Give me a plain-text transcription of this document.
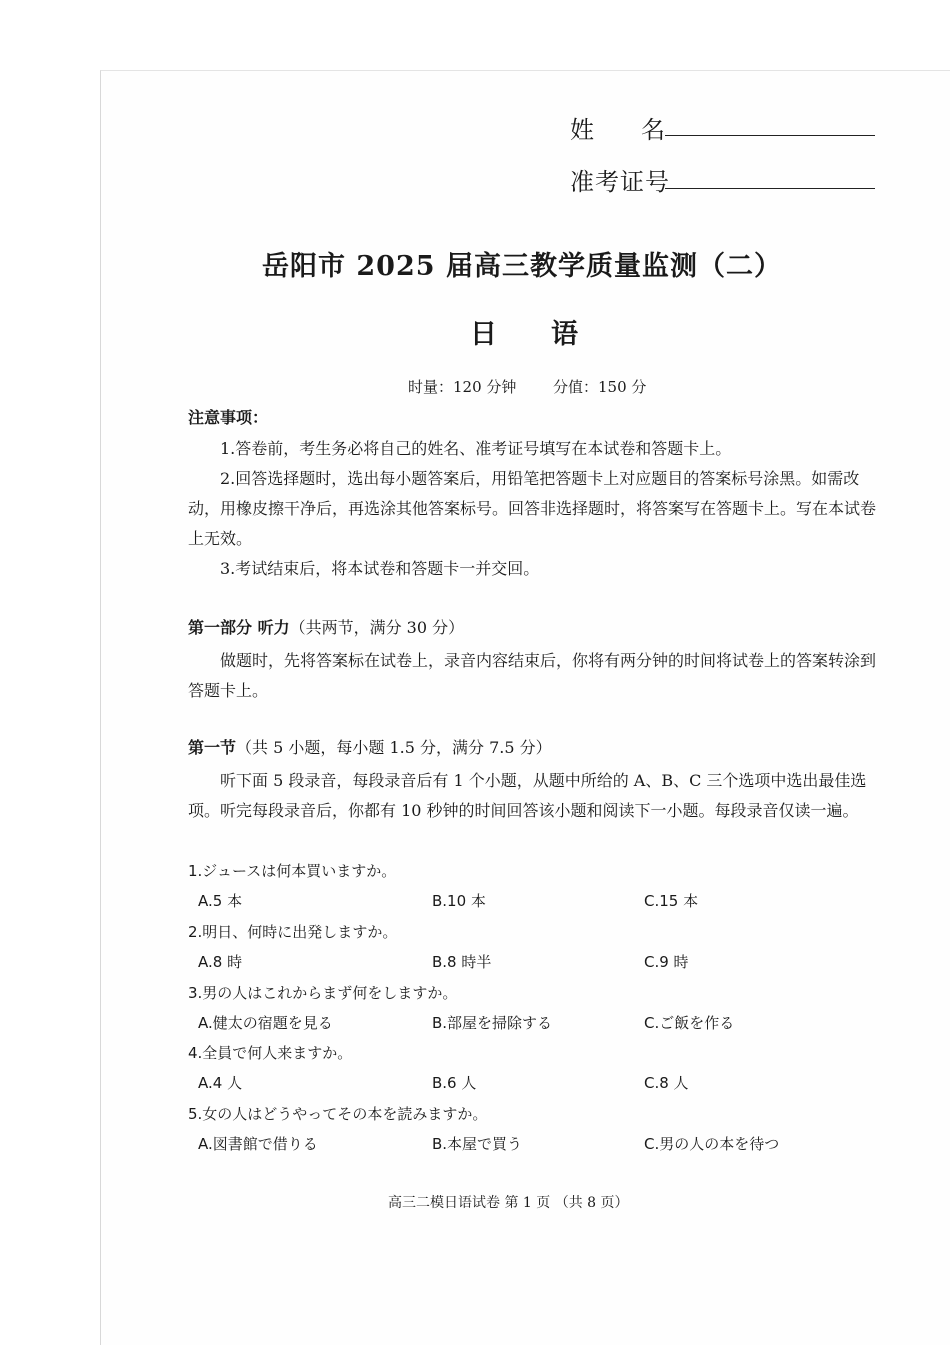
姓 名
准考证号
岳阳市 2025 届高三教学质量监测（二）
日　　语
时量：120 分钟 分值：150 分
注意事项：
1.答卷前，考生务必将自己的姓名、准考证号填写在本试卷和答题卡上。
2.回答选择题时，选出每小题答案后，用铅笔把答题卡上对应题目的答案标号涂黑。如需改动，用橡皮擦干净后，再选涂其他答案标号。回答非选择题时，将答案写在答题卡上。写在本试卷上无效。
3.考试结束后，将本试卷和答题卡一并交回。
第一部分 听力（共两节，满分 30 分）
做题时，先将答案标在试卷上，录音内容结束后，你将有两分钟的时间将试卷上的答案转涂到答题卡上。
第一节（共 5 小题，每小题 1.5 分，满分 7.5 分）
听下面 5 段录音，每段录音后有 1 个小题，从题中所给的 A、B、C 三个选项中选出最佳选项。听完每段录音后，你都有 10 秒钟的时间回答该小题和阅读下一小题。每段录音仅读一遍。
1.ジュースは何本買いますか。
A.5 本	B.10 本	C.15 本
2.明日、何時に出発しますか。
A.8 時	B.8 時半	C.9 時
3.男の人はこれからまず何をしますか。
A.健太の宿題を見る	B.部屋を掃除する	C.ご飯を作る
4.全員で何人来ますか。
A.4 人	B.6 人	C.8 人
5.女の人はどうやってその本を読みますか。
A.図書館で借りる	B.本屋で買う	C.男の人の本を待つ
高三二模日语试卷 第 1 页 （共 8 页）
